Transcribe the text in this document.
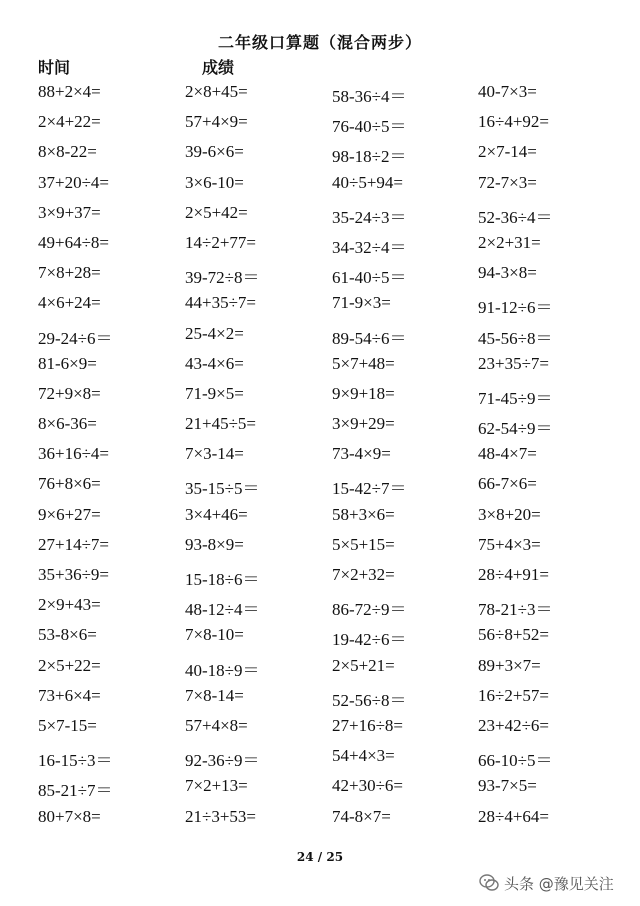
二年级口算题（混合两步）
时间	成绩
88+2×4=	2×8+45=	58-36÷4＝	40-7×3=
2×4+22=	57+4×9=	76-40÷5＝	16÷4+92=
8×8-22=	39-6×6=	98-18÷2＝	2×7-14=
37+20÷4=	3×6-10=	40÷5+94=	72-7×3=
3×9+37=	2×5+42=	35-24÷3＝	52-36÷4＝
49+64÷8=	14÷2+77=	34-32÷4＝	2×2+31=
7×8+28=	39-72÷8＝	61-40÷5＝	94-3×8=
4×6+24=	44+35÷7=	71-9×3=	91-12÷6＝
29-24÷6＝	25-4×2=	89-54÷6＝	45-56÷8＝
81-6×9=	43-4×6=	5×7+48=	23+35÷7=
72+9×8=	71-9×5=	9×9+18=	71-45÷9＝
8×6-36=	21+45÷5=	3×9+29=	62-54÷9＝
36+16÷4=	7×3-14=	73-4×9=	48-4×7=
76+8×6=	35-15÷5＝	15-42÷7＝	66-7×6=
9×6+27=	3×4+46=	58+3×6=	3×8+20=
27+14÷7=	93-8×9=	5×5+15=	75+4×3=
35+36÷9=	15-18÷6＝	7×2+32=	28÷4+91=
2×9+43=	48-12÷4＝	86-72÷9＝	78-21÷3＝
53-8×6=	7×8-10=	19-42÷6＝	56÷8+52=
2×5+22=	40-18÷9＝	2×5+21=	89+3×7=
73+6×4=	7×8-14=	52-56÷8＝	16÷2+57=
5×7-15=	57+4×8=	27+16÷8=	23+42÷6=
16-15÷3＝	92-36÷9＝	54+4×3=	66-10÷5＝
85-21÷7＝	7×2+13=	42+30÷6=	93-7×5=
80+7×8=	21÷3+53=	74-8×7=	28÷4+64=
24 / 25
头条 @豫见关注
